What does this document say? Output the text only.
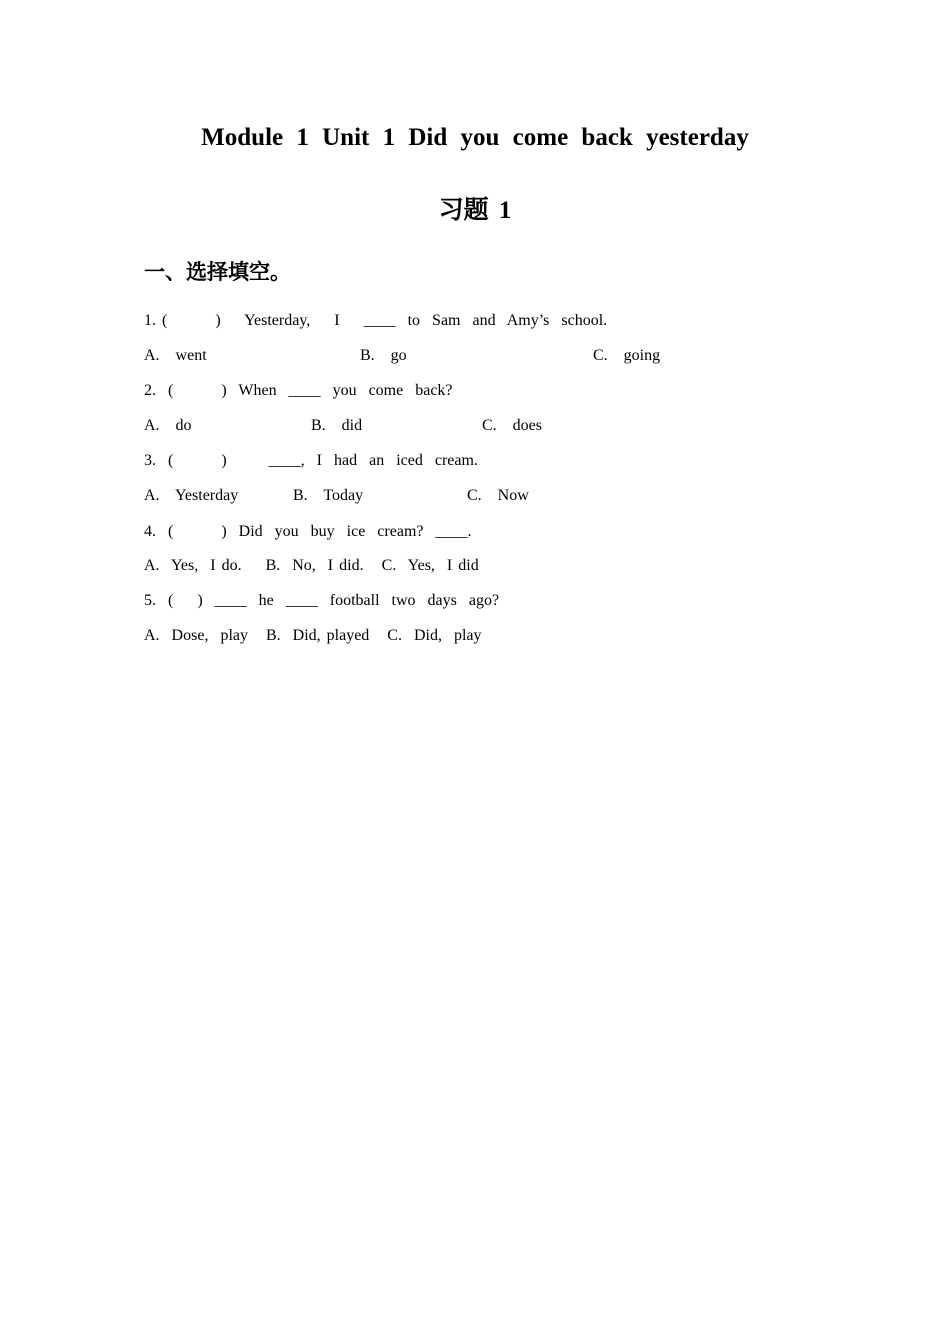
Module 1 Unit 1 Did you come back yesterday
习题 1
一、选择填空。
1. (        )    Yesterday,    I    ____  to  Sam  and  Amy’s  school.
A.    went	B.    go	C.    going
2.  (        )  When  ____  you  come  back?
A.    do	B.    did	C.    does
3.  (        )       ____,  I  had  an  iced  cream.
A.    Yesterday	B.    Today	C.    Now
4.  (        )  Did  you  buy  ice  cream?  ____.
A.  Yes,  I do.    B.  No,  I did.   C.  Yes,  I did
5.  (    )  ____  he  ____  football  two  days  ago?
A.  Dose,  play   B.  Did, played   C.  Did,  play
